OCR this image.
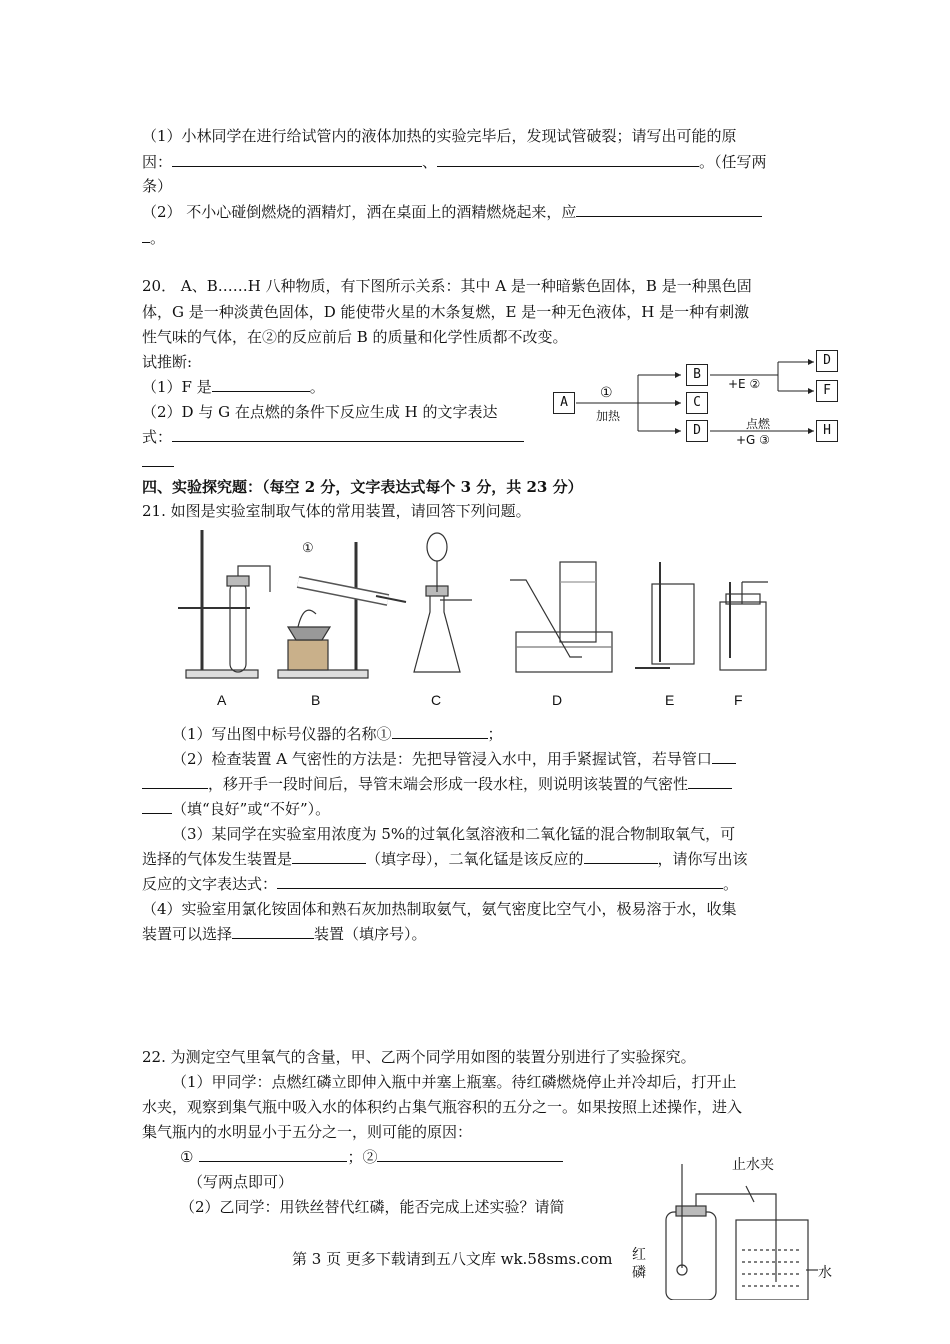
（1）小林同学在进行给试管内的液体加热的实验完毕后，发现试管破裂；请写出可能的原
因：	、	。（任写两
条）
（2） 不小心碰倒燃烧的酒精灯，洒在桌面上的酒精燃烧起来，应
。
20． A、B……H 八种物质，有下图所示关系：其中 A 是一种暗紫色固体，B 是一种黑色固
体，G 是一种淡黄色固体，D 能使带火星的木条复燃，E 是一种无色液体，H 是一种有刺激
性气味的气体，在②的反应前后 B 的质量和化学性质都不改变。
试推断:
（1）F 是	。
（2）D 与 G 在点燃的条件下反应生成 H 的文字表达
式：
A
B
C
D
D
F
H
①
加热
+E ②
点燃
+G ③
四、实验探究题：（每空 2 分，文字表达式每个 3 分，共 23 分）
21. 如图是实验室制取气体的常用装置，请回答下列问题。
①
A	B	C	D	E	F
（1）写出图中标号仪器的名称①	；
（2）检查装置 A 气密性的方法是：先把导管浸入水中，用手紧握试管，若导管口
，移开手一段时间后，导管末端会形成一段水柱，则说明该装置的气密性
（填“良好”或“不好”）。
（3）某同学在实验室用浓度为 5%的过氧化氢溶液和二氧化锰的混合物制取氧气，可
选择的气体发生装置是	（填字母），二氧化锰是该反应的	，请你写出该
反应的文字表达式：	。
（4）实验室用氯化铵固体和熟石灰加热制取氨气，氨气密度比空气小，极易溶于水，收集
装置可以选择	装置（填序号）。
22. 为测定空气里氧气的含量，甲、乙两个同学用如图的装置分别进行了实验探究。
（1）甲同学：点燃红磷立即伸入瓶中并塞上瓶塞。待红磷燃烧停止并冷却后，打开止
水夹，观察到集气瓶中吸入水的体积约占集气瓶容积的五分之一。如果按照上述操作，进入
集气瓶内的水明显小于五分之一，则可能的原因：
①	；②
（写两点即可）
（2）乙同学：用铁丝替代红磷，能否完成上述实验？请简
止水夹
红
磷	水
第 3 页 更多下载请到五八文库 wk.58sms.com
